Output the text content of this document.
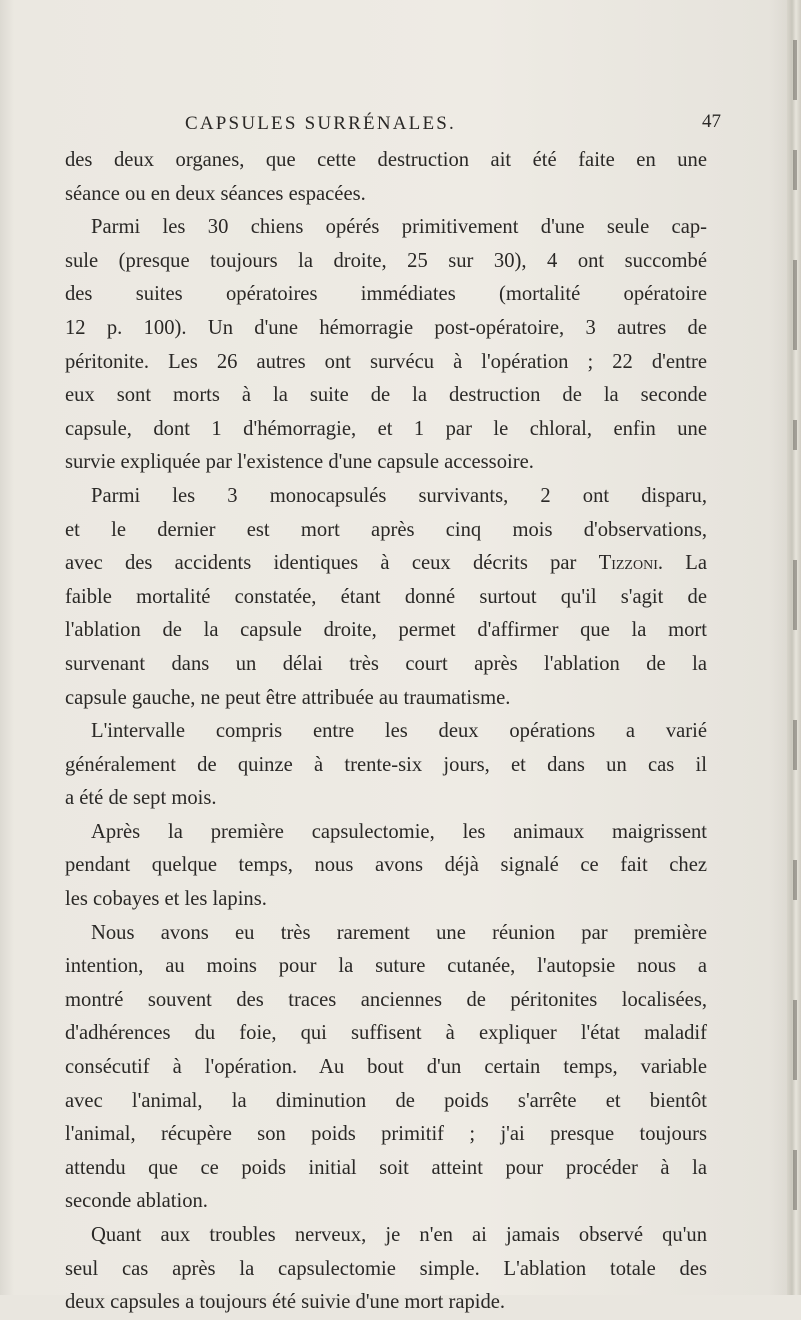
CAPSULES SURRÉNALES.	47
des deux organes, que cette destruction ait été faite en une
séance ou en deux séances espacées.
Parmi les 30 chiens opérés primitivement d'une seule cap-
sule (presque toujours la droite, 25 sur 30), 4 ont succombé
des suites opératoires immédiates (mortalité opératoire
12 p. 100). Un d'une hémorragie post-opératoire, 3 autres de
péritonite. Les 26 autres ont survécu à l'opération ; 22 d'entre
eux sont morts à la suite de la destruction de la seconde
capsule, dont 1 d'hémorragie, et 1 par le chloral, enfin une
survie expliquée par l'existence d'une capsule accessoire.
Parmi les 3 monocapsulés survivants, 2 ont disparu,
et le dernier est mort après cinq mois d'observations,
avec des accidents identiques à ceux décrits par Tizzoni. La
faible mortalité constatée, étant donné surtout qu'il s'agit de
l'ablation de la capsule droite, permet d'affirmer que la mort
survenant dans un délai très court après l'ablation de la
capsule gauche, ne peut être attribuée au traumatisme.
L'intervalle compris entre les deux opérations a varié
généralement de quinze à trente-six jours, et dans un cas il
a été de sept mois.
Après la première capsulectomie, les animaux maigrissent
pendant quelque temps, nous avons déjà signalé ce fait chez
les cobayes et les lapins.
Nous avons eu très rarement une réunion par première
intention, au moins pour la suture cutanée, l'autopsie nous a
montré souvent des traces anciennes de péritonites localisées,
d'adhérences du foie, qui suffisent à expliquer l'état maladif
consécutif à l'opération. Au bout d'un certain temps, variable
avec l'animal, la diminution de poids s'arrête et bientôt
l'animal, récupère son poids primitif ; j'ai presque toujours
attendu que ce poids initial soit atteint pour procéder à la
seconde ablation.
Quant aux troubles nerveux, je n'en ai jamais observé qu'un
seul cas après la capsulectomie simple. L'ablation totale des
deux capsules a toujours été suivie d'une mort rapide.
